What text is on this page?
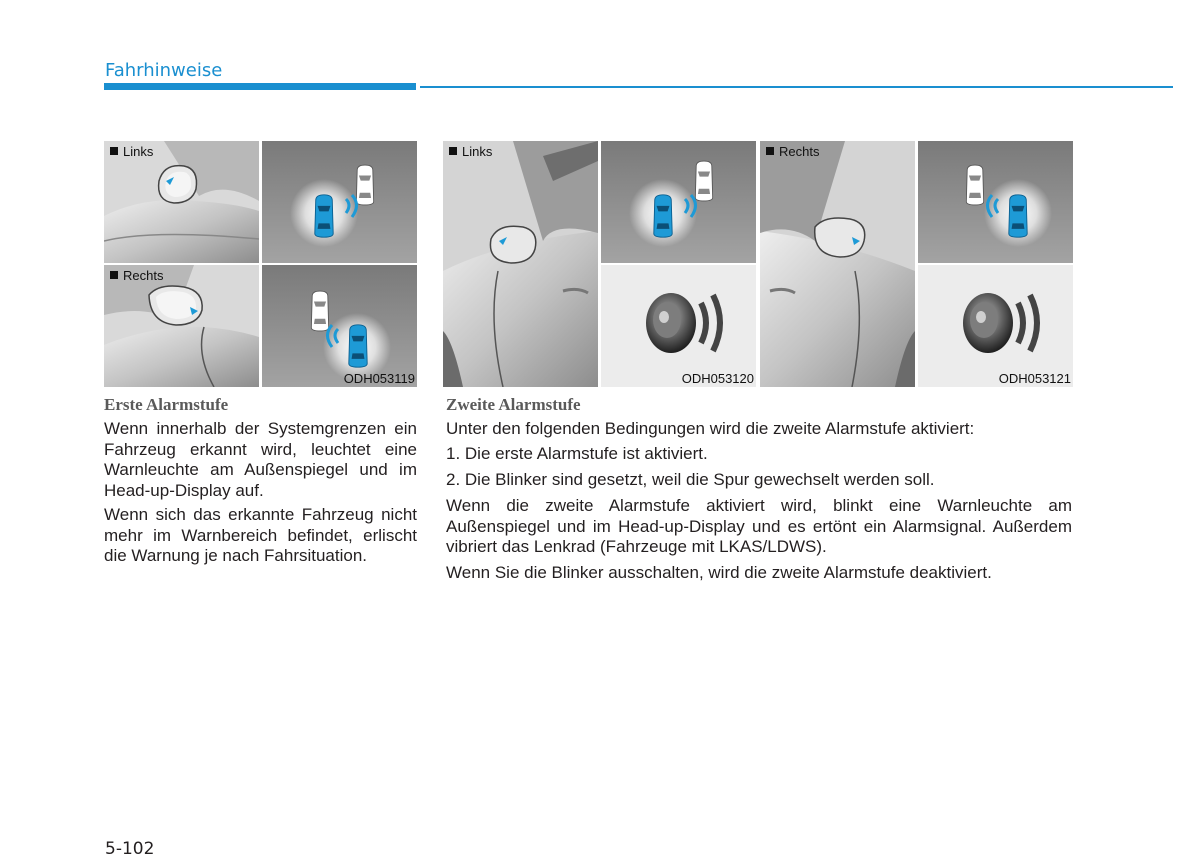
Fahrhinweise
Links
Rechts
ODH053119
Links
ODH053120
Rechts
ODH053121
Erste Alarmstufe

Wenn innerhalb der Systemgrenzen ein Fahrzeug erkannt wird, leuchtet eine Warnleuchte am Außenspiegel und im Head-up-Display auf.

Wenn sich das erkannte Fahrzeug nicht mehr im Warnbereich befindet, erlischt die Warnung je nach Fahrsituation.

Zweite Alarmstufe

Unter den folgenden Bedingungen wird die zweite Alarmstufe aktiviert:

1. Die erste Alarmstufe ist aktiviert.

2. Die Blinker sind gesetzt, weil die Spur gewechselt werden soll.

Wenn die zweite Alarmstufe aktiviert wird, blinkt eine Warnleuchte am Außenspiegel und im Head-up-Display und es ertönt ein Alarmsignal. Außerdem vibriert das Lenkrad (Fahrzeuge mit LKAS/LDWS).

Wenn Sie die Blinker ausschalten, wird die zweite Alarmstufe deaktiviert.

5-102
